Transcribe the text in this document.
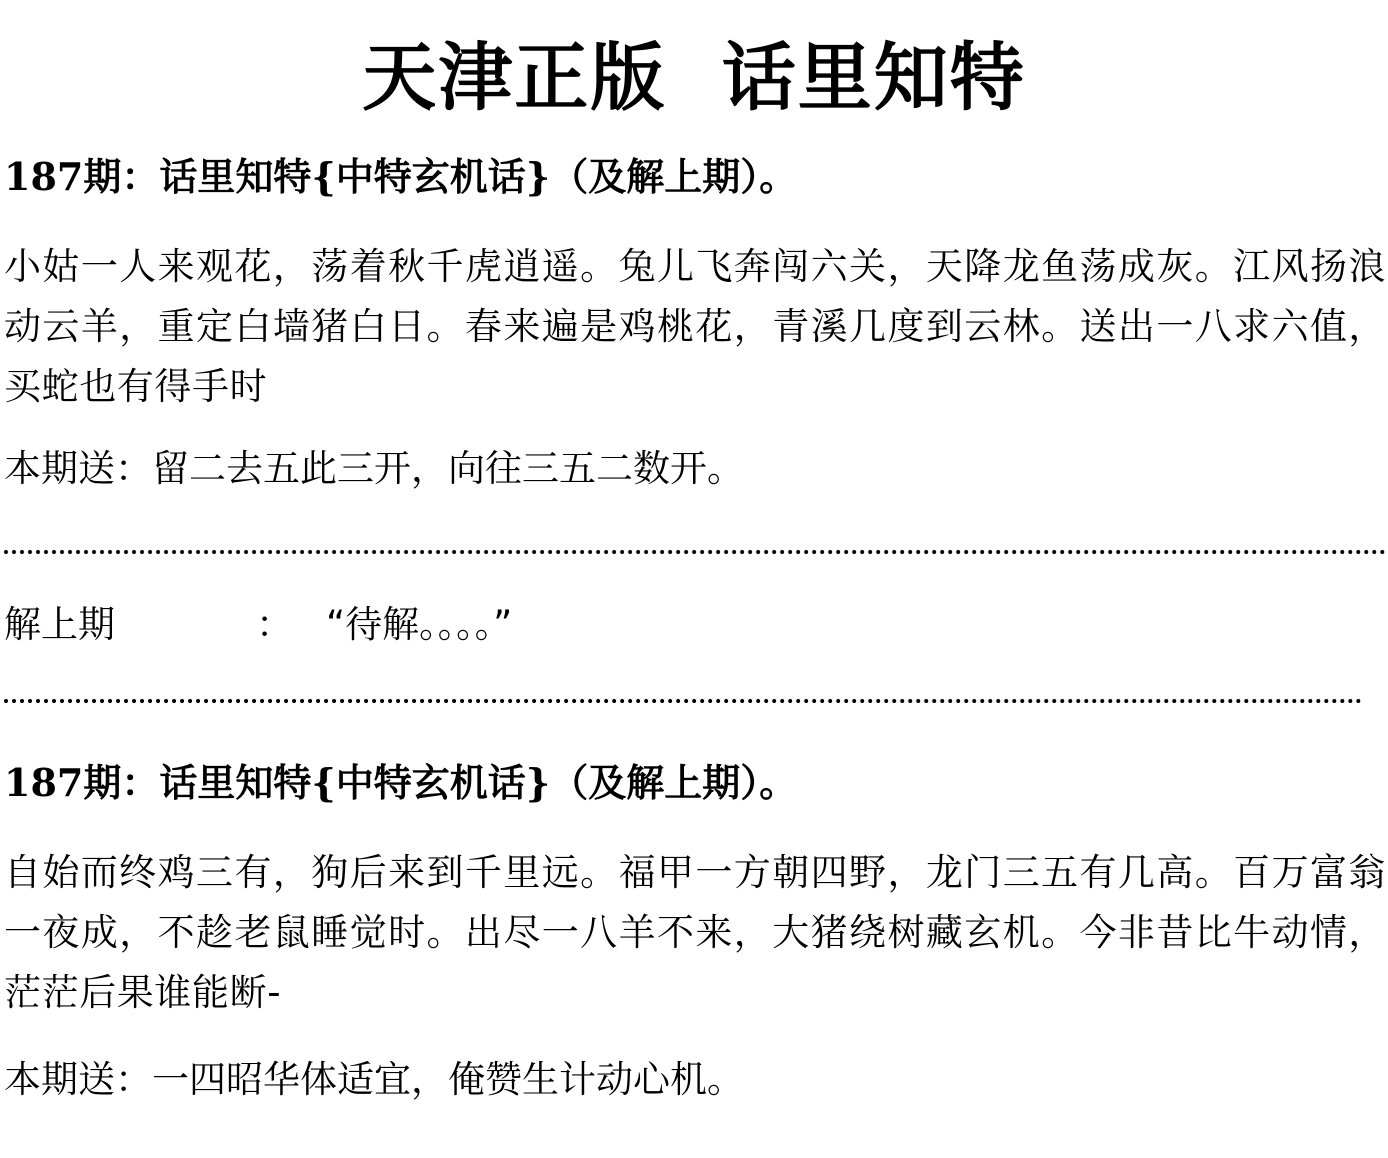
天津正版  话里知特
187期：话里知特{中特玄机话}（及解上期）。
小姑一人来观花，荡着秋千虎逍遥。兔儿飞奔闯六关，天降龙鱼荡成灰。江风扬浪动云羊，重定白墙猪白日。春来遍是鸡桃花，青溪几度到云林。送出一八求六值，买蛇也有得手时
本期送：留二去五此三开，向往三五二数开。
解上期	： “待解。。。。”
187期：话里知特{中特玄机话}（及解上期）。
自始而终鸡三有，狗后来到千里远。福甲一方朝四野，龙门三五有几高。百万富翁一夜成，不趁老鼠睡觉时。出尽一八羊不来，大猪绕树藏玄机。今非昔比牛动情，茫茫后果谁能断-
本期送：一四昭华体适宜，俺赞生计动心机。
